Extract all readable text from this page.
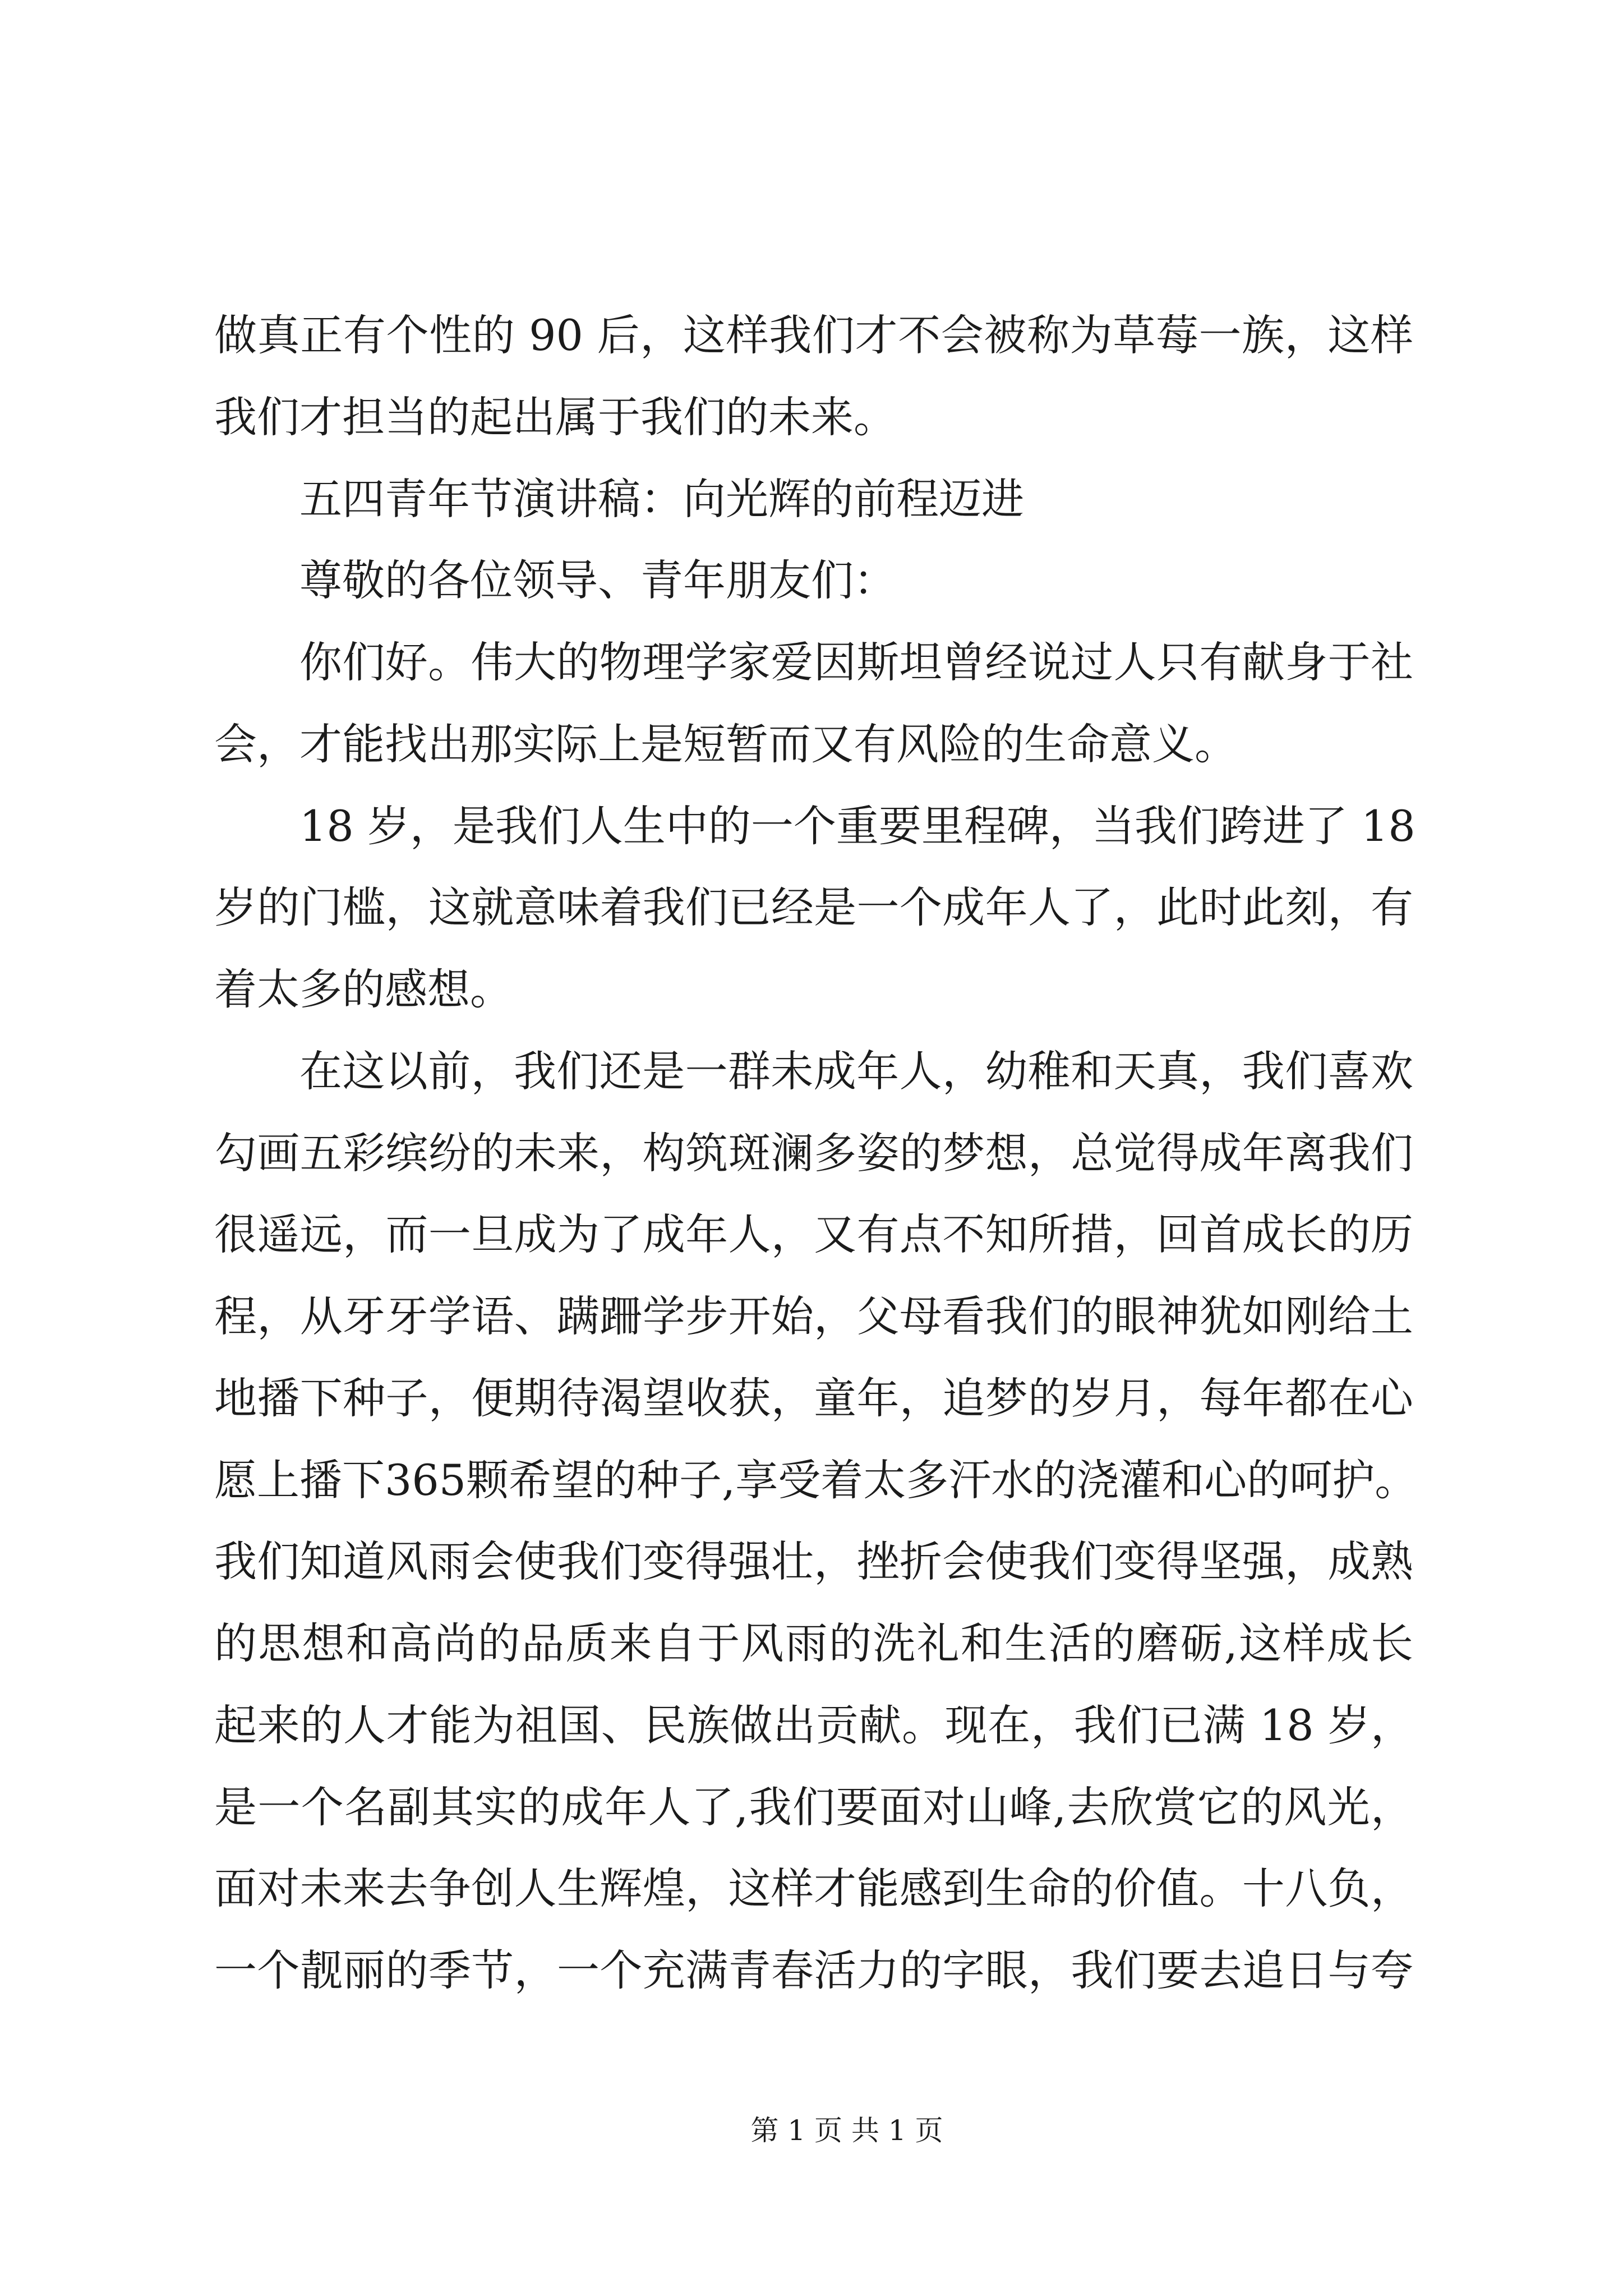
做真正有个性的 90 后，这样我们才不会被称为草莓一族，这样
我们才担当的起出属于我们的未来。
五四青年节演讲稿：向光辉的前程迈进
尊敬的各位领导、青年朋友们：
你们好。伟大的物理学家爱因斯坦曾经说过人只有献身于社
会，才能找出那实际上是短暂而又有风险的生命意义。
18 岁，是我们人生中的一个重要里程碑，当我们跨进了 18
岁的门槛，这就意味着我们已经是一个成年人了，此时此刻，有
着太多的感想。
在这以前，我们还是一群未成年人，幼稚和天真，我们喜欢
勾画五彩缤纷的未来，构筑斑澜多姿的梦想，总觉得成年离我们
很遥远，而一旦成为了成年人，又有点不知所措，回首成长的历
程，从牙牙学语、蹒跚学步开始，父母看我们的眼神犹如刚给土
地播下种子，便期待渴望收获，童年，追梦的岁月，每年都在心
愿上播下365颗希望的种子,享受着太多汗水的浇灌和心的呵护。
我们知道风雨会使我们变得强壮，挫折会使我们变得坚强，成熟
的思想和高尚的品质来自于风雨的洗礼和生活的磨砺,这样成长
起来的人才能为祖国、民族做出贡献。现在，我们已满 18 岁，
是一个名副其实的成年人了,我们要面对山峰,去欣赏它的风光，
面对未来去争创人生辉煌，这样才能感到生命的价值。十八负，
一个靓丽的季节，一个充满青春活力的字眼，我们要去追日与夸
第 1 页 共 1 页
